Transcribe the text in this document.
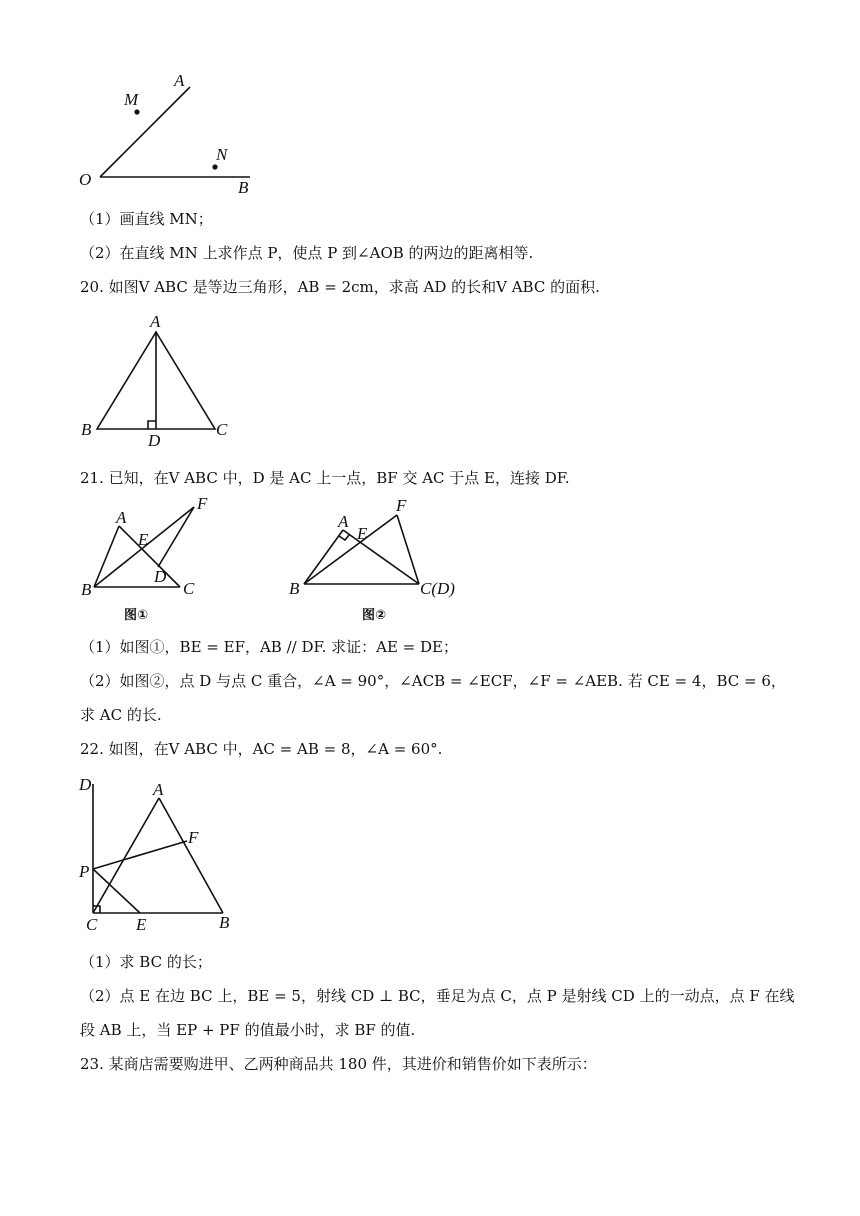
A
M
N
O	B
（1）画直线 MN；
（2）在直线 MN 上求作点 P，使点 P 到∠AOB 的两边的距离相等.
20. 如图V ABC 是等边三角形，AB = 2cm，求高 AD 的长和V ABC 的面积.
A
B	C
D
21. 已知，在V ABC 中，D 是 AC 上一点，BF 交 AC 于点 E，连接 DF.
A
E
F
B
D
C
图①
A
E
F
B	C(D)
图②
（1）如图①，BE = EF，AB // DF. 求证：AE = DE；
（2）如图②，点 D 与点 C 重合，∠A = 90°，∠ACB = ∠ECF，∠F = ∠AEB. 若 CE = 4，BC = 6，
求 AC 的长.
22. 如图，在V ABC 中，AC = AB = 8，∠A = 60°.
D	A
F
P
C E	B
（1）求 BC 的长；
（2）点 E 在边 BC 上，BE = 5，射线 CD ⊥ BC，垂足为点 C，点 P 是射线 CD 上的一动点，点 F 在线
段 AB 上，当 EP + PF 的值最小时，求 BF 的值.
23. 某商店需要购进甲、乙两种商品共 180 件，其进价和销售价如下表所示：
